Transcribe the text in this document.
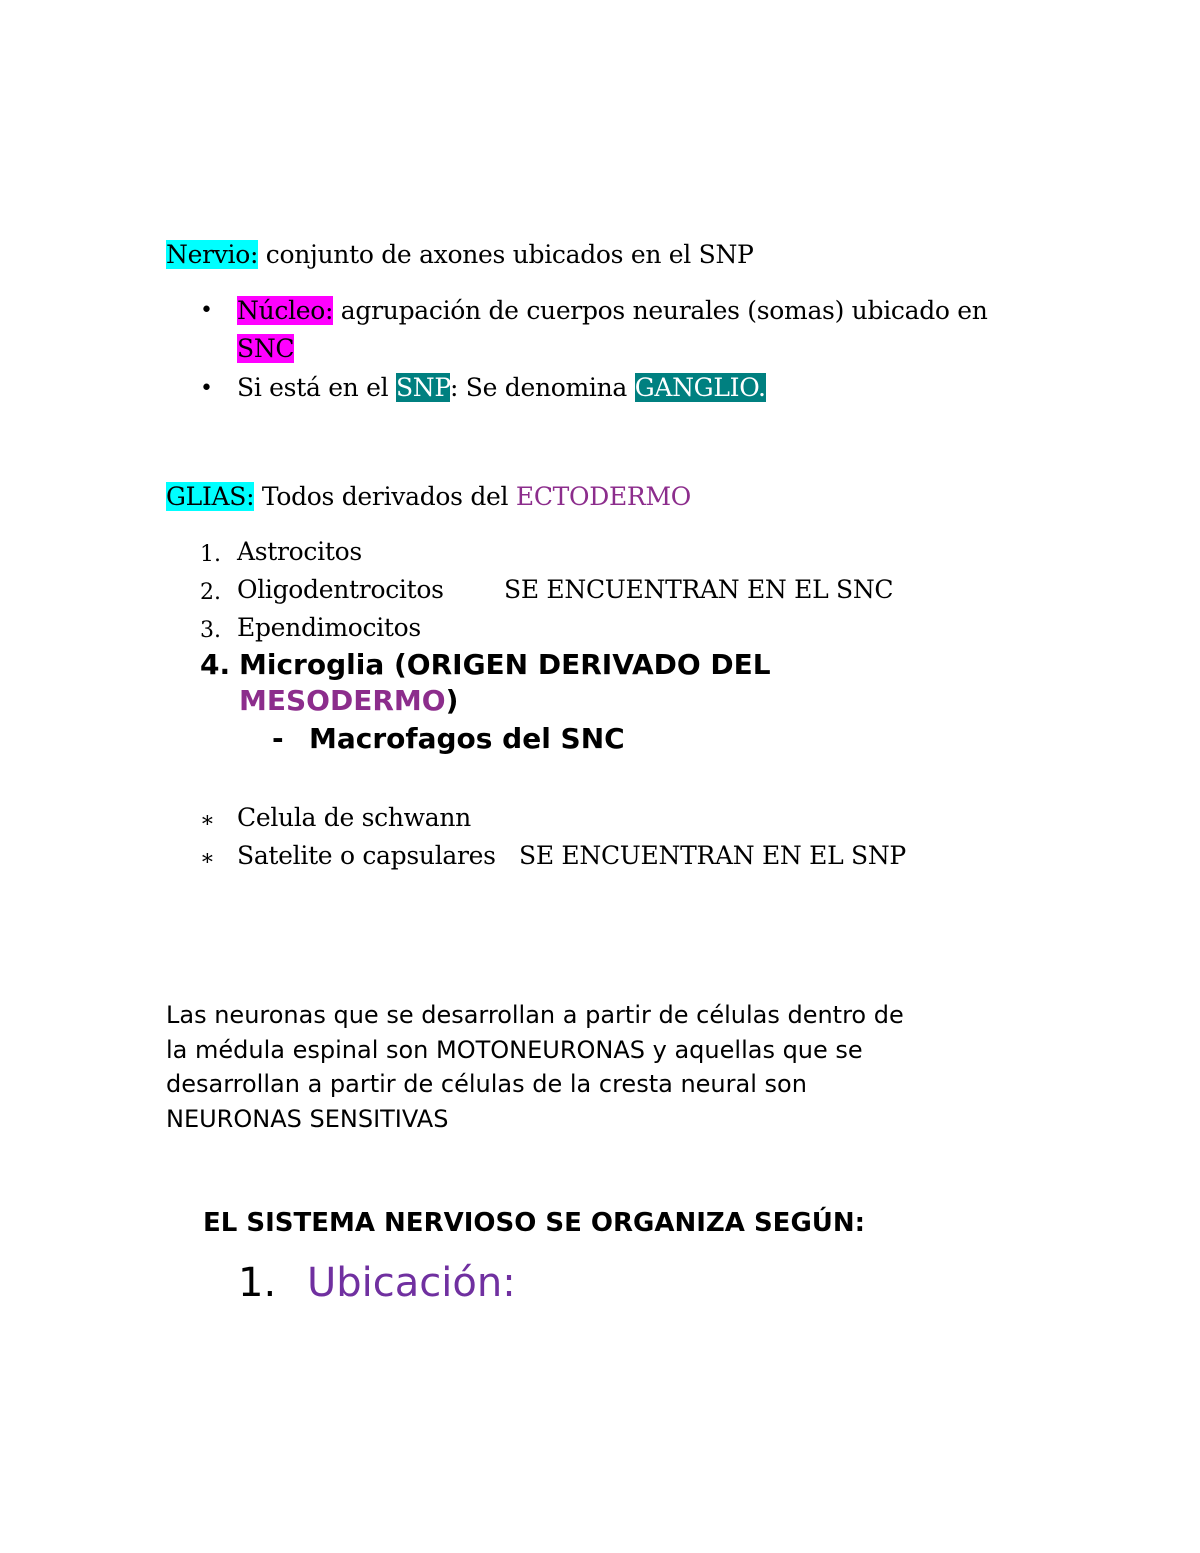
Nervio: conjunto de axones ubicados en el SNP
• Núcleo: agrupación de cuerpos neurales (somas) ubicado en
SNC
• Si está en el SNP: Se denomina GANGLIO.
GLIAS: Todos derivados del ECTODERMO
1. Astrocitos
2. Oligodentrocitos SE ENCUENTRAN EN EL SNC
3. Ependimocitos
4. Microglia (ORIGEN DERIVADO DEL
MESODERMO)
- Macrofagos del SNC
∗ Celula de schwann
∗ Satelite o capsulares SE ENCUENTRAN EN EL SNP
Las neuronas que se desarrollan a partir de células dentro de
la médula espinal son MOTONEURONAS y aquellas que se
desarrollan a partir de células de la cresta neural son
NEURONAS SENSITIVAS
EL SISTEMA NERVIOSO SE ORGANIZA SEGÚN:
1. Ubicación:
